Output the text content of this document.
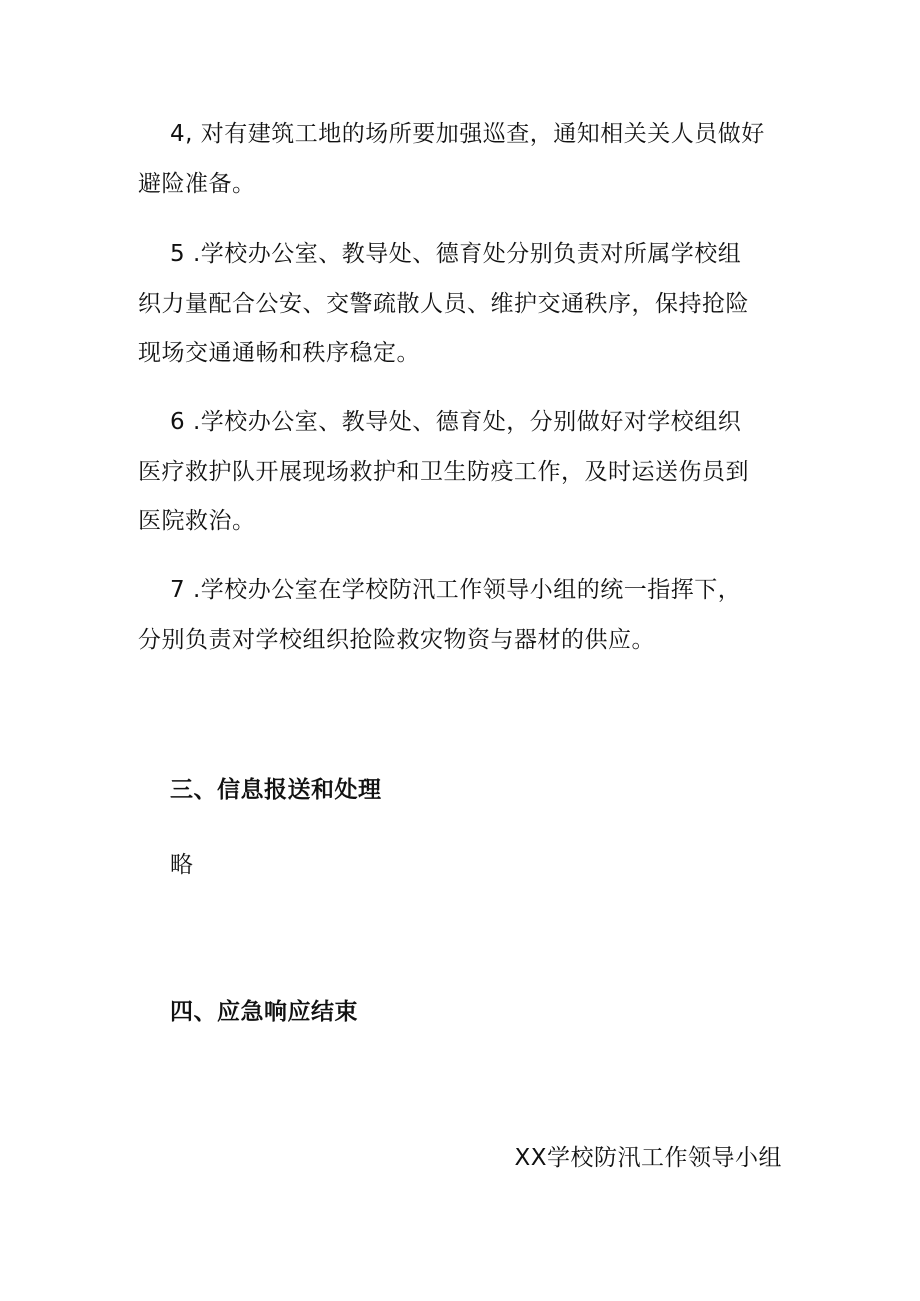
4, 对有建筑工地的场所要加强巡查，通知相关关人员做好
避险准备。
5 .学校办公室、教导处、德育处分别负责对所属学校组
织力量配合公安、交警疏散人员、维护交通秩序，保持抢险
现场交通通畅和秩序稳定。
6 .学校办公室、教导处、德育处，分别做好对学校组织
医疗救护队开展现场救护和卫生防疫工作，及时运送伤员到
医院救治。
7 .学校办公室在学校防汛工作领导小组的统一指挥下，
分别负责对学校组织抢险救灾物资与器材的供应。
三、信息报送和处理
略
四、应急响应结束
XX学校防汛工作领导小组
